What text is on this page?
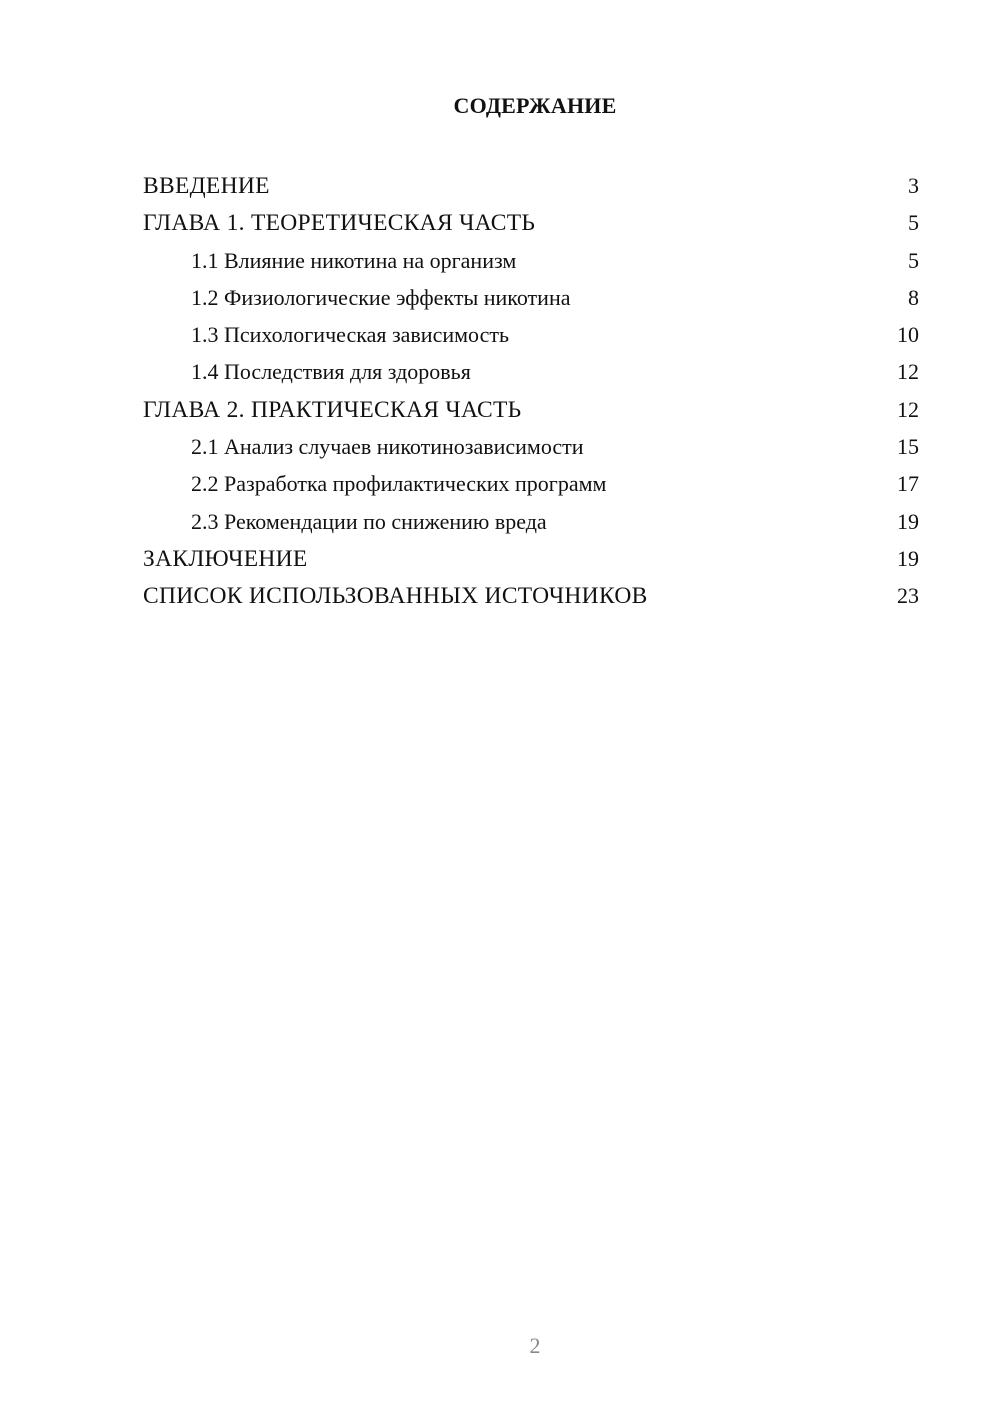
СОДЕРЖАНИЕ
ВВЕДЕНИЕ	3
ГЛАВА 1. ТЕОРЕТИЧЕСКАЯ ЧАСТЬ	5
1.1 Влияние никотина на организм	5
1.2 Физиологические эффекты никотина	8
1.3 Психологическая зависимость	10
1.4 Последствия для здоровья	12
ГЛАВА 2. ПРАКТИЧЕСКАЯ ЧАСТЬ	12
2.1 Анализ случаев никотинозависимости	15
2.2 Разработка профилактических программ	17
2.3 Рекомендации по снижению вреда	19
ЗАКЛЮЧЕНИЕ	19
СПИСОК ИСПОЛЬЗОВАННЫХ ИСТОЧНИКОВ	23
2
